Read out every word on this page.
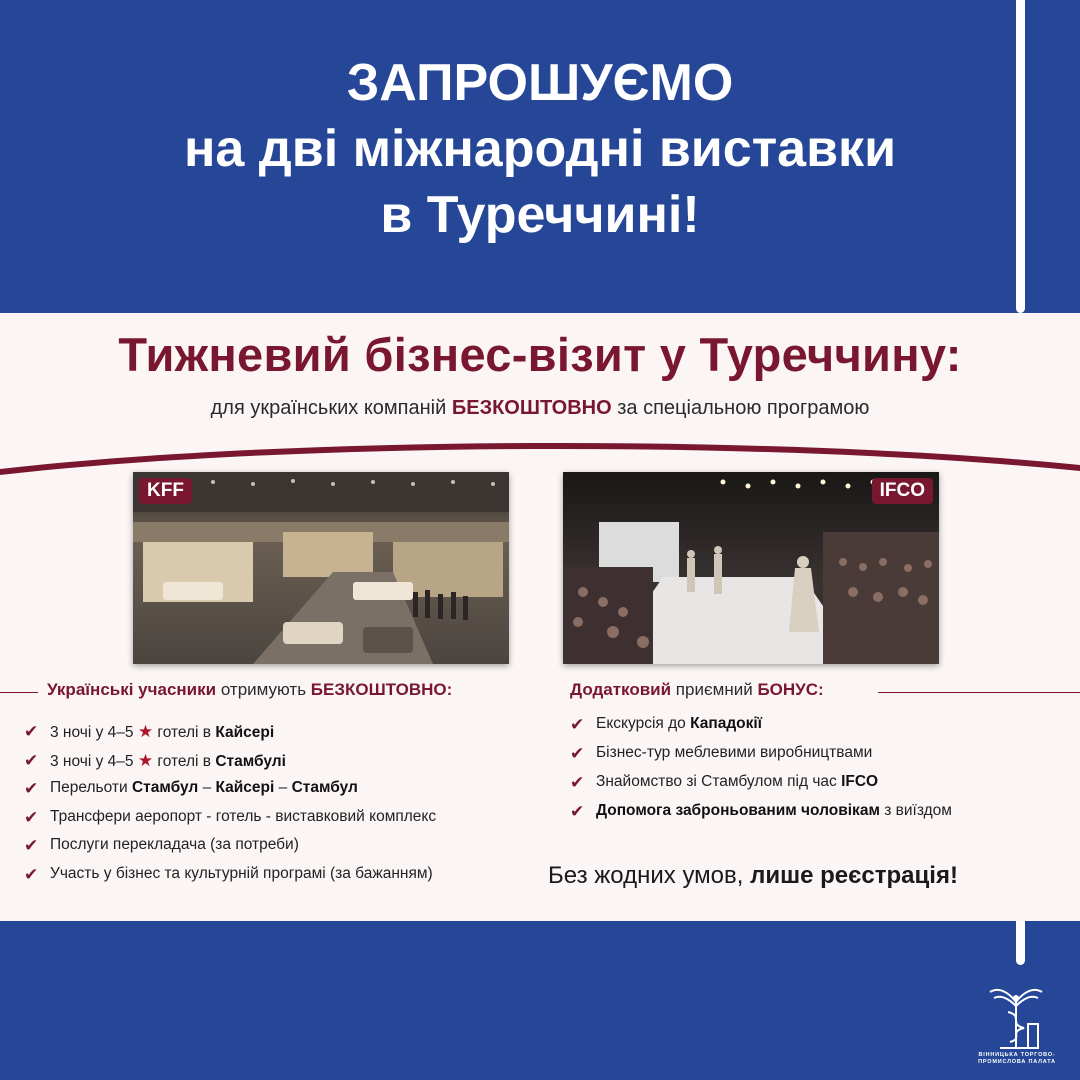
ЗАПРОШУЄМО
на дві міжнародні виставки
в Туреччині!
Тижневий бізнес-візит у Туреччину:
для українських компаній БЕЗКОШТОВНО за спеціальною програмою
KFF	IFCO
Українські учасники отримують БЕЗКОШТОВНО:
✔ 3 ночі у 4–5 ★ готелі в Кайсері
✔ 3 ночі у 4–5 ★ готелі в Стамбулі
✔ Перельоти Стамбул – Кайсері – Стамбул
✔ Трансфери аеропорт - готель - виставковий комплекс
✔ Послуги перекладача (за потреби)
✔ Участь у бізнес та культурній програмі (за бажанням)
Додатковий приємний БОНУС:
✔ Екскурсія до Кападокії
✔ Бізнес-тур меблевими виробництвами
✔ Знайомство зі Стамбулом під час IFCO
✔ Допомога заброньованим чоловікам з виїздом
Без жодних умов, лише реєстрація!
ВІННИЦЬКА ТОРГОВО-ПРОМИСЛОВА ПАЛАТА
